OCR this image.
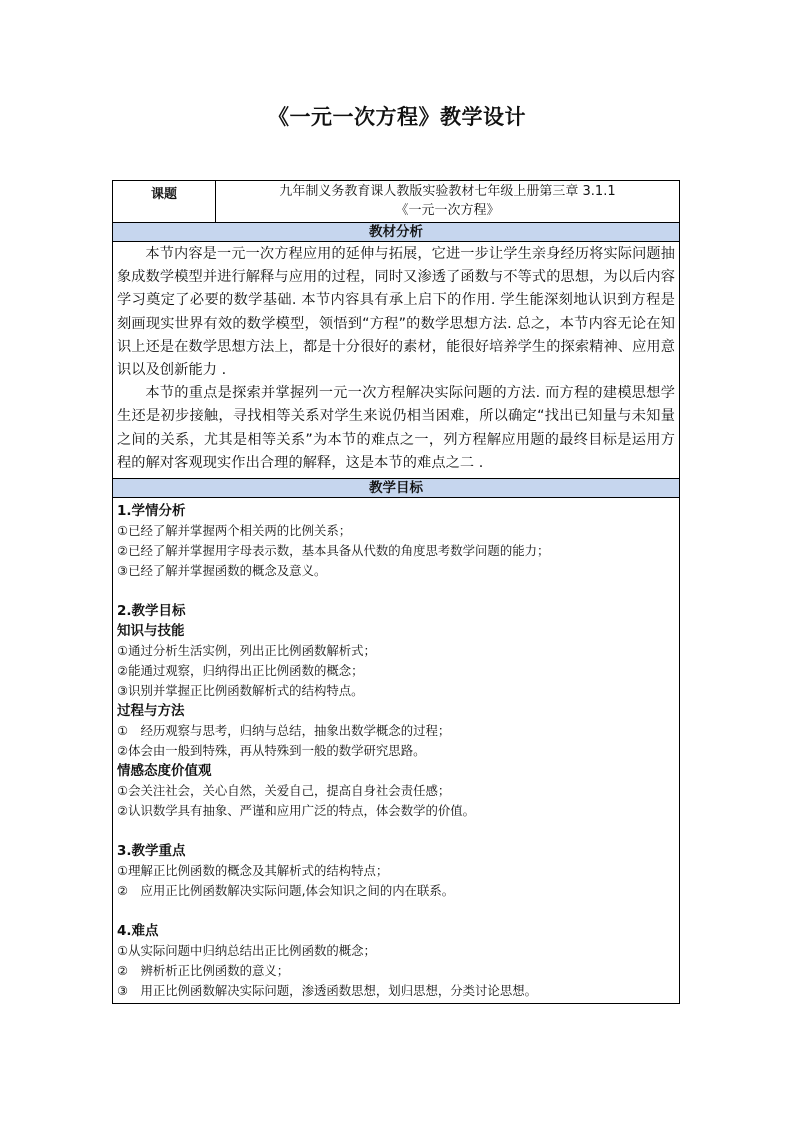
《一元一次方程》教学设计
课题	九年制义务教育课人教版实验教材七年级上册第三章 3.1.1
《一元一次方程》
教材分析

本节内容是一元一次方程应用的延伸与拓展，它进一步让学生亲身经历将实际问题抽象成数学模型并进行解释与应用的过程，同时又渗透了函数与不等式的思想，为以后内容学习奠定了必要的数学基础. 本节内容具有承上启下的作用. 学生能深刻地认识到方程是刻画现实世界有效的数学模型，领悟到“方程”的数学思想方法. 总之，本节内容无论在知识上还是在数学思想方法上，都是十分很好的素材，能很好培养学生的探索精神、应用意识以及创新能力 .

本节的重点是探索并掌握列一元一次方程解决实际问题的方法. 而方程的建模思想学生还是初步接触，寻找相等关系对学生来说仍相当困难，所以确定“找出已知量与未知量之间的关系，尤其是相等关系”为本节的难点之一，列方程解应用题的最终目标是运用方程的解对客观现实作出合理的解释，这是本节的难点之二 .

教学目标
1.学情分析
①已经了解并掌握两个相关两的比例关系；
②已经了解并掌握用字母表示数，基本具备从代数的角度思考数学问题的能力；
③已经了解并掌握函数的概念及意义。
2.教学目标
知识与技能
①通过分析生活实例，列出正比例函数解析式；
②能通过观察，归纳得出正比例函数的概念；
③识别并掌握正比例函数解析式的结构特点。
过程与方法
①　经历观察与思考，归纳与总结，抽象出数学概念的过程；
②体会由一般到特殊，再从特殊到一般的数学研究思路。
情感态度价值观
①会关注社会，关心自然，关爱自己，提高自身社会责任感；
②认识数学具有抽象、严谨和应用广泛的特点，体会数学的价值。
3.教学重点
①理解正比例函数的概念及其解析式的结构特点；
②　应用正比例函数解决实际问题,体会知识之间的内在联系。
4.难点
①从实际问题中归纳总结出正比例函数的概念；
②　辨析析正比例函数的意义；
③　用正比例函数解决实际问题，渗透函数思想，划归思想，分类讨论思想。
